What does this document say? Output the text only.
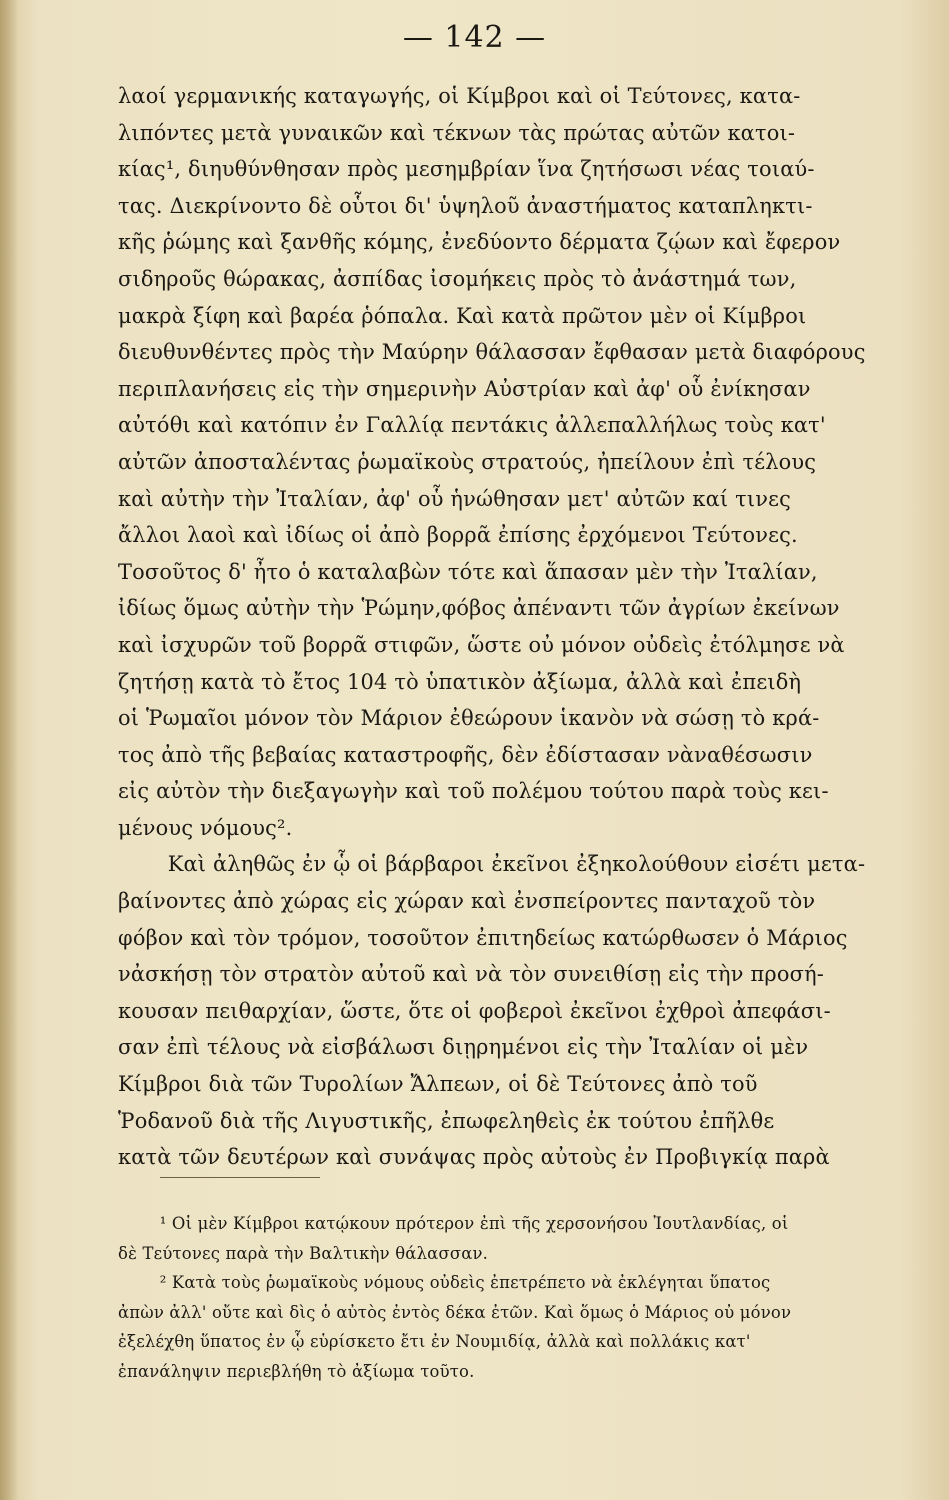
— 142 —
λαοί γερμανικής καταγωγής, οἱ Κίμβροι καὶ οἱ Τεύτονες, κατα-
λιπόντες μετὰ γυναικῶν καὶ τέκνων τὰς πρώτας αὐτῶν κατοι-
κίας¹, διηυθύνθησαν πρὸς μεσημβρίαν ἵνα ζητήσωσι νέας τοιαύ-
τας. Διεκρίνοντο δὲ οὗτοι δι' ὑψηλοῦ ἀναστήματος καταπληκτι-
κῆς ῥώμης καὶ ξανθῆς κόμης, ἐνεδύοντο δέρματα ζῴων καὶ ἔφερον
σιδηροῦς θώρακας, ἀσπίδας ἰσομήκεις πρὸς τὸ ἀνάστημά των,
μακρὰ ξίφη καὶ βαρέα ῥόπαλα. Καὶ κατὰ πρῶτον μὲν οἱ Κίμβροι
διευθυνθέντες πρὸς τὴν Μαύρην θάλασσαν ἔφθασαν μετὰ διαφόρους
περιπλανήσεις εἰς τὴν σημερινὴν Αὐστρίαν καὶ ἀφ' οὗ ἐνίκησαν
αὐτόθι καὶ κατόπιν ἐν Γαλλίᾳ πεντάκις ἀλλεπαλλήλως τοὺς κατ'
αὐτῶν ἀποσταλέντας ῥωμαϊκοὺς στρατούς, ἠπείλουν ἐπὶ τέλους
καὶ αὐτὴν τὴν Ἰταλίαν, ἀφ' οὗ ἡνώθησαν μετ' αὐτῶν καί τινες
ἄλλοι λαοὶ καὶ ἰδίως οἱ ἀπὸ βορρᾶ ἐπίσης ἐρχόμενοι Τεύτονες.
Τοσοῦτος δ' ἦτο ὁ καταλαβὼν τότε καὶ ἅπασαν μὲν τὴν Ἰταλίαν,
ἰδίως ὅμως αὐτὴν τὴν Ῥώμην,φόβος ἀπέναντι τῶν ἀγρίων ἐκείνων
καὶ ἰσχυρῶν τοῦ βορρᾶ στιφῶν, ὥστε οὐ μόνον οὐδεὶς ἐτόλμησε νὰ
ζητήσῃ κατὰ τὸ ἔτος 104 τὸ ὑπατικὸν ἀξίωμα, ἀλλὰ καὶ ἐπειδὴ
οἱ Ῥωμαῖοι μόνον τὸν Μάριον ἐθεώρουν ἱκανὸν νὰ σώσῃ τὸ κρά-
τος ἀπὸ τῆς βεβαίας καταστροφῆς, δὲν ἐδίστασαν νὰναθέσωσιν
εἰς αὐτὸν τὴν διεξαγωγὴν καὶ τοῦ πολέμου τούτου παρὰ τοὺς κει-
μένους νόμους².
Καὶ ἀληθῶς ἐν ᾧ οἱ βάρβαροι ἐκεῖνοι ἐξηκολούθουν εἰσέτι μετα-
βαίνοντες ἀπὸ χώρας εἰς χώραν καὶ ἐνσπείροντες πανταχοῦ τὸν
φόβον καὶ τὸν τρόμον, τοσοῦτον ἐπιτηδείως κατώρθωσεν ὁ Μάριος
νἀσκήσῃ τὸν στρατὸν αὐτοῦ καὶ νὰ τὸν συνειθίσῃ εἰς τὴν προσή-
κουσαν πειθαρχίαν, ὥστε, ὅτε οἱ φοβεροὶ ἐκεῖνοι ἐχθροὶ ἀπεφάσι-
σαν ἐπὶ τέλους νὰ εἰσβάλωσι διῃρημένοι εἰς τὴν Ἰταλίαν οἱ μὲν
Κίμβροι διὰ τῶν Τυρολίων Ἄλπεων, οἱ δὲ Τεύτονες ἀπὸ τοῦ
Ῥοδανοῦ διὰ τῆς Λιγυστικῆς, ἐπωφεληθεὶς ἐκ τούτου ἐπῆλθε
κατὰ τῶν δευτέρων καὶ συνάψας πρὸς αὐτοὺς ἐν Προβιγκίᾳ παρὰ
¹ Οἱ μὲν Κίμβροι κατῴκουν πρότερον ἐπὶ τῆς χερσονήσου Ἰουτλανδίας, οἱ
δὲ Τεύτονες παρὰ τὴν Βαλτικὴν θάλασσαν.
² Κατὰ τοὺς ῥωμαϊκοὺς νόμους οὐδεὶς ἐπετρέπετο νὰ ἐκλέγηται ὕπατος
ἀπὼν ἀλλ' οὔτε καὶ δὶς ὁ αὐτὸς ἐντὸς δέκα ἐτῶν. Καὶ ὅμως ὁ Μάριος οὐ μόνον
ἐξελέχθη ὕπατος ἐν ᾧ εὑρίσκετο ἔτι ἐν Νουμιδίᾳ, ἀλλὰ καὶ πολλάκις κατ'
ἐπανάληψιν περιεβλήθη τὸ ἀξίωμα τοῦτο.
